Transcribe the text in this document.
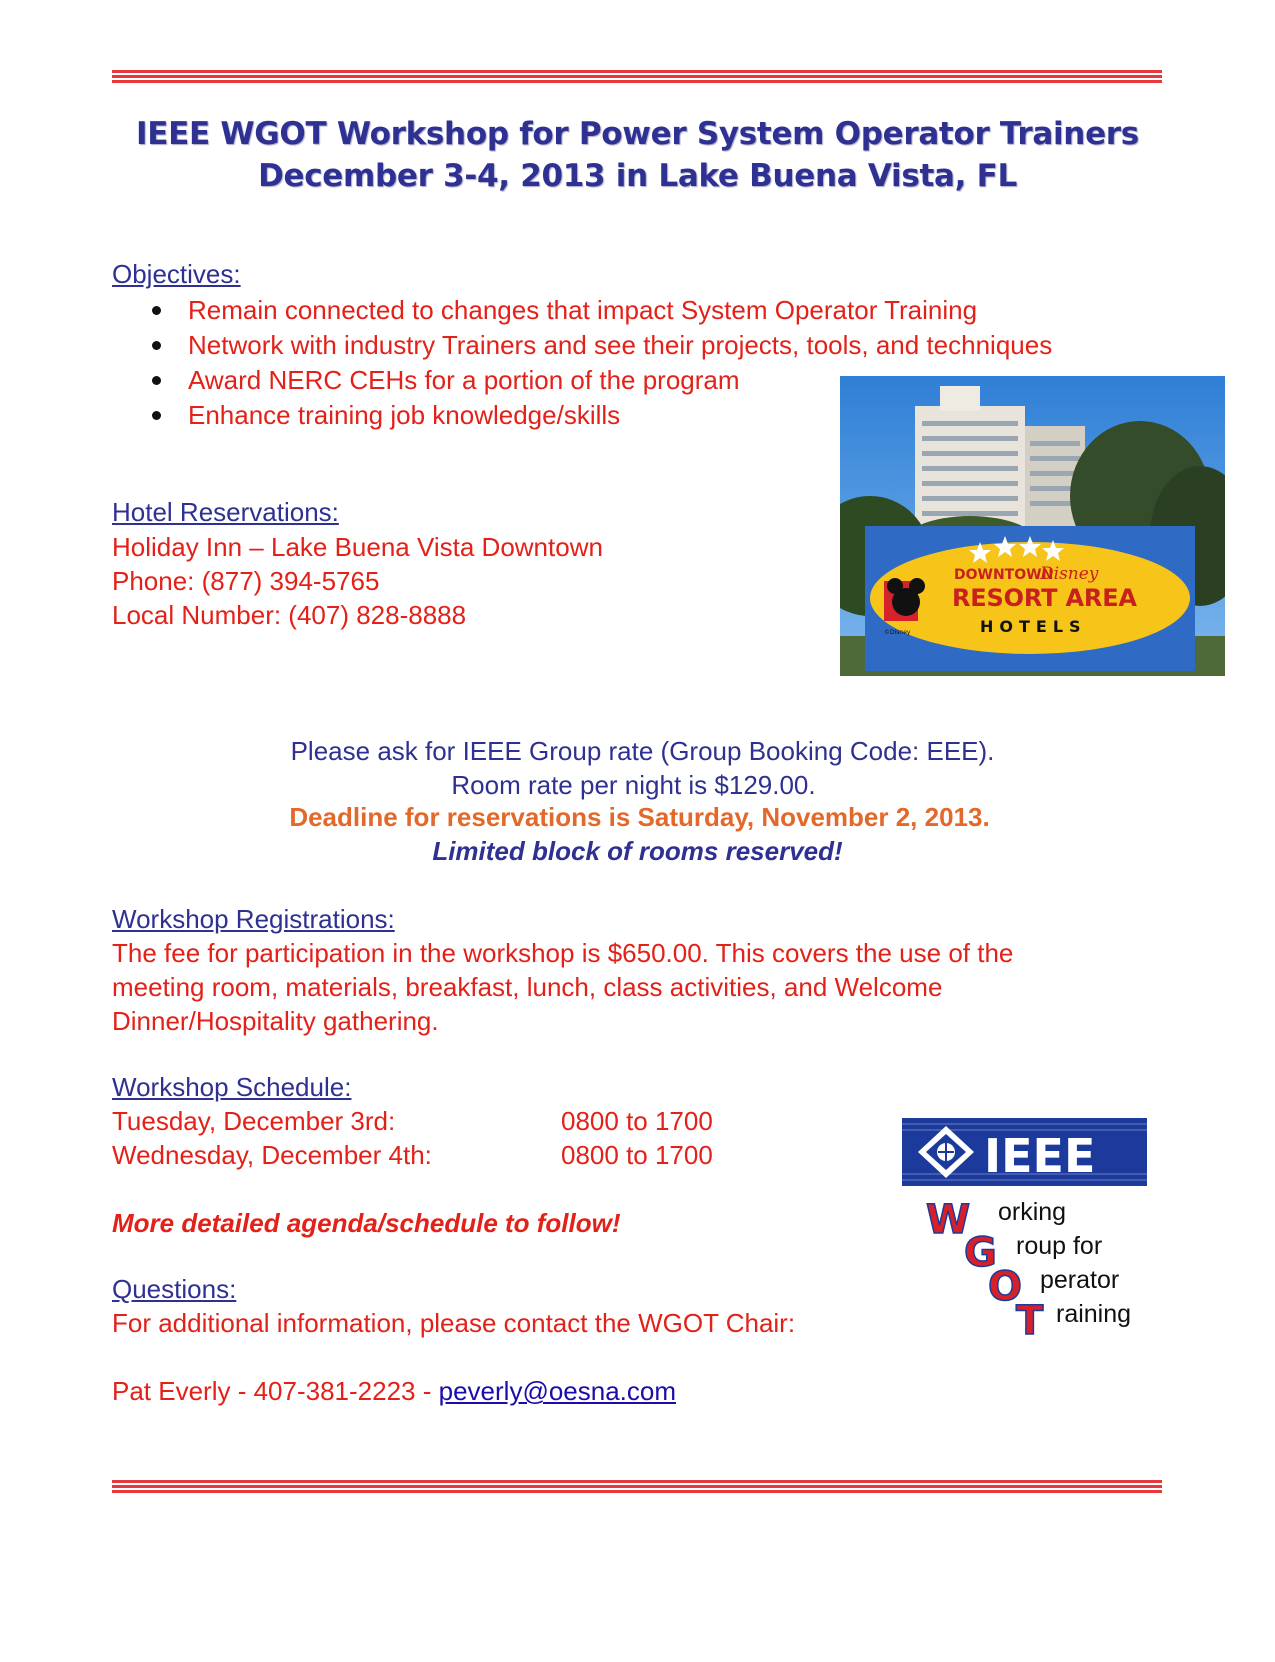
IEEE WGOT Workshop for Power System Operator Trainers
December 3-4, 2013 in Lake Buena Vista, FL
Objectives:
Remain connected to changes that impact System Operator Training
Network with industry Trainers and see their projects, tools, and techniques
Award NERC CEHs for a portion of the program
Enhance training job knowledge/skills
Hotel Reservations:
Holiday Inn – Lake Buena Vista Downtown
Phone: (877) 394-5765
Local Number: (407) 828-8888
DOWNTOWN
Disney
RESORT AREA
HOTELS
©Disney
Please ask for IEEE Group rate (Group Booking Code: EEE).
Room rate per night is $129.00.
Deadline for reservations is Saturday, November 2, 2013.
Limited block of rooms reserved!
Workshop Registrations:
The fee for participation in the workshop is $650.00. This covers the use of the
meeting room, materials, breakfast, lunch, class activities, and Welcome
Dinner/Hospitality gathering.
Workshop Schedule:
Tuesday, December 3rd:	0800 to 1700
Wednesday, December 4th:	0800 to 1700
More detailed agenda/schedule to follow!
Questions:
For additional information, please contact the WGOT Chair:
Pat Everly - 407-381-2223 - peverly@oesna.com
IEEE
W
G
O
T
orking
roup for
perator
raining
